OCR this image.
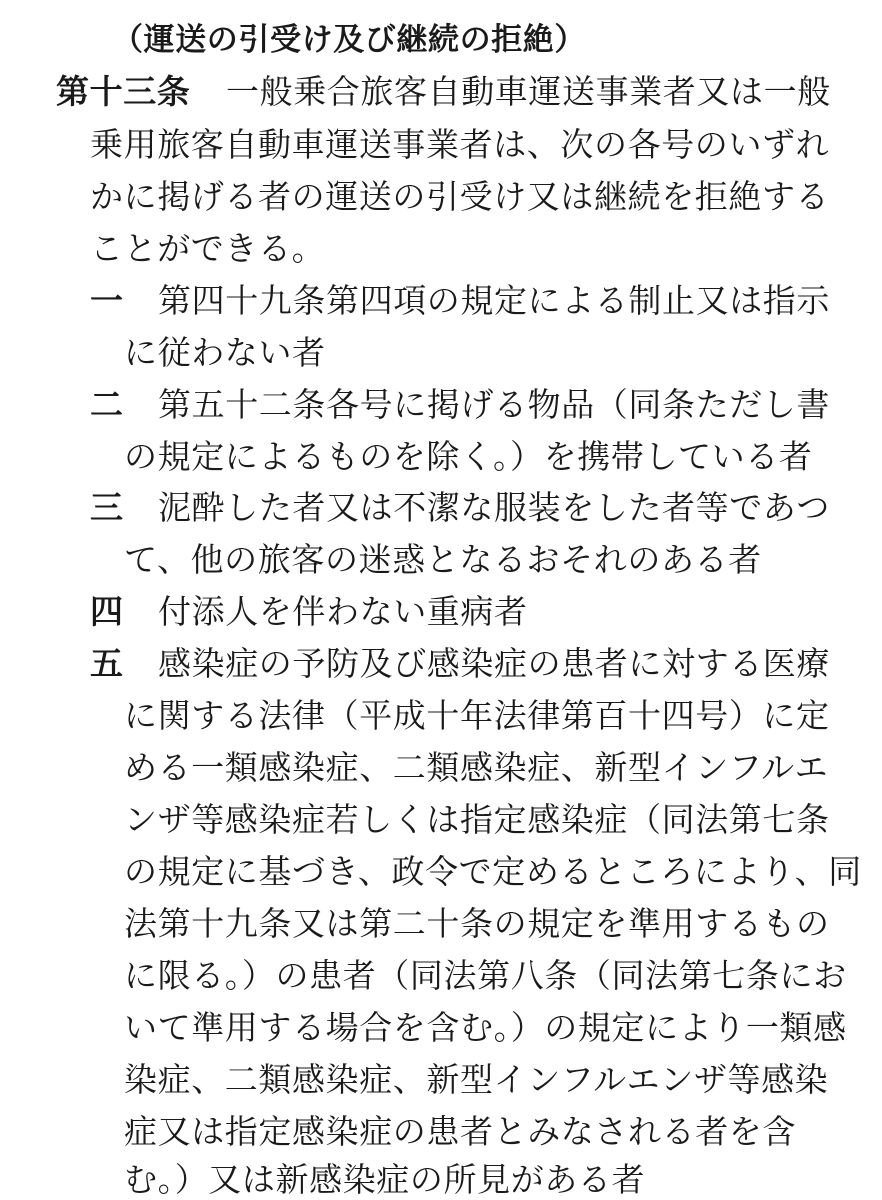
（運送の引受け及び継続の拒絶）
第十三条 一般乗合旅客自動車運送事業者又は一般
乗用旅客自動車運送事業者は、次の各号のいずれ
かに掲げる者の運送の引受け又は継続を拒絶する
ことができる。
一 第四十九条第四項の規定による制止又は指示
に従わない者
二 第五十二条各号に掲げる物品（同条ただし書
の規定によるものを除く。）を携帯している者
三 泥酔した者又は不潔な服装をした者等であつ
て、他の旅客の迷惑となるおそれのある者
四 付添人を伴わない重病者
五 感染症の予防及び感染症の患者に対する医療
に関する法律（平成十年法律第百十四号）に定
める一類感染症、二類感染症、新型インフルエ
ンザ等感染症若しくは指定感染症（同法第七条
の規定に基づき、政令で定めるところにより、同
法第十九条又は第二十条の規定を準用するもの
に限る。）の患者（同法第八条（同法第七条にお
いて準用する場合を含む。）の規定により一類感
染症、二類感染症、新型インフルエンザ等感染
症又は指定感染症の患者とみなされる者を含
む。）又は新感染症の所見がある者
